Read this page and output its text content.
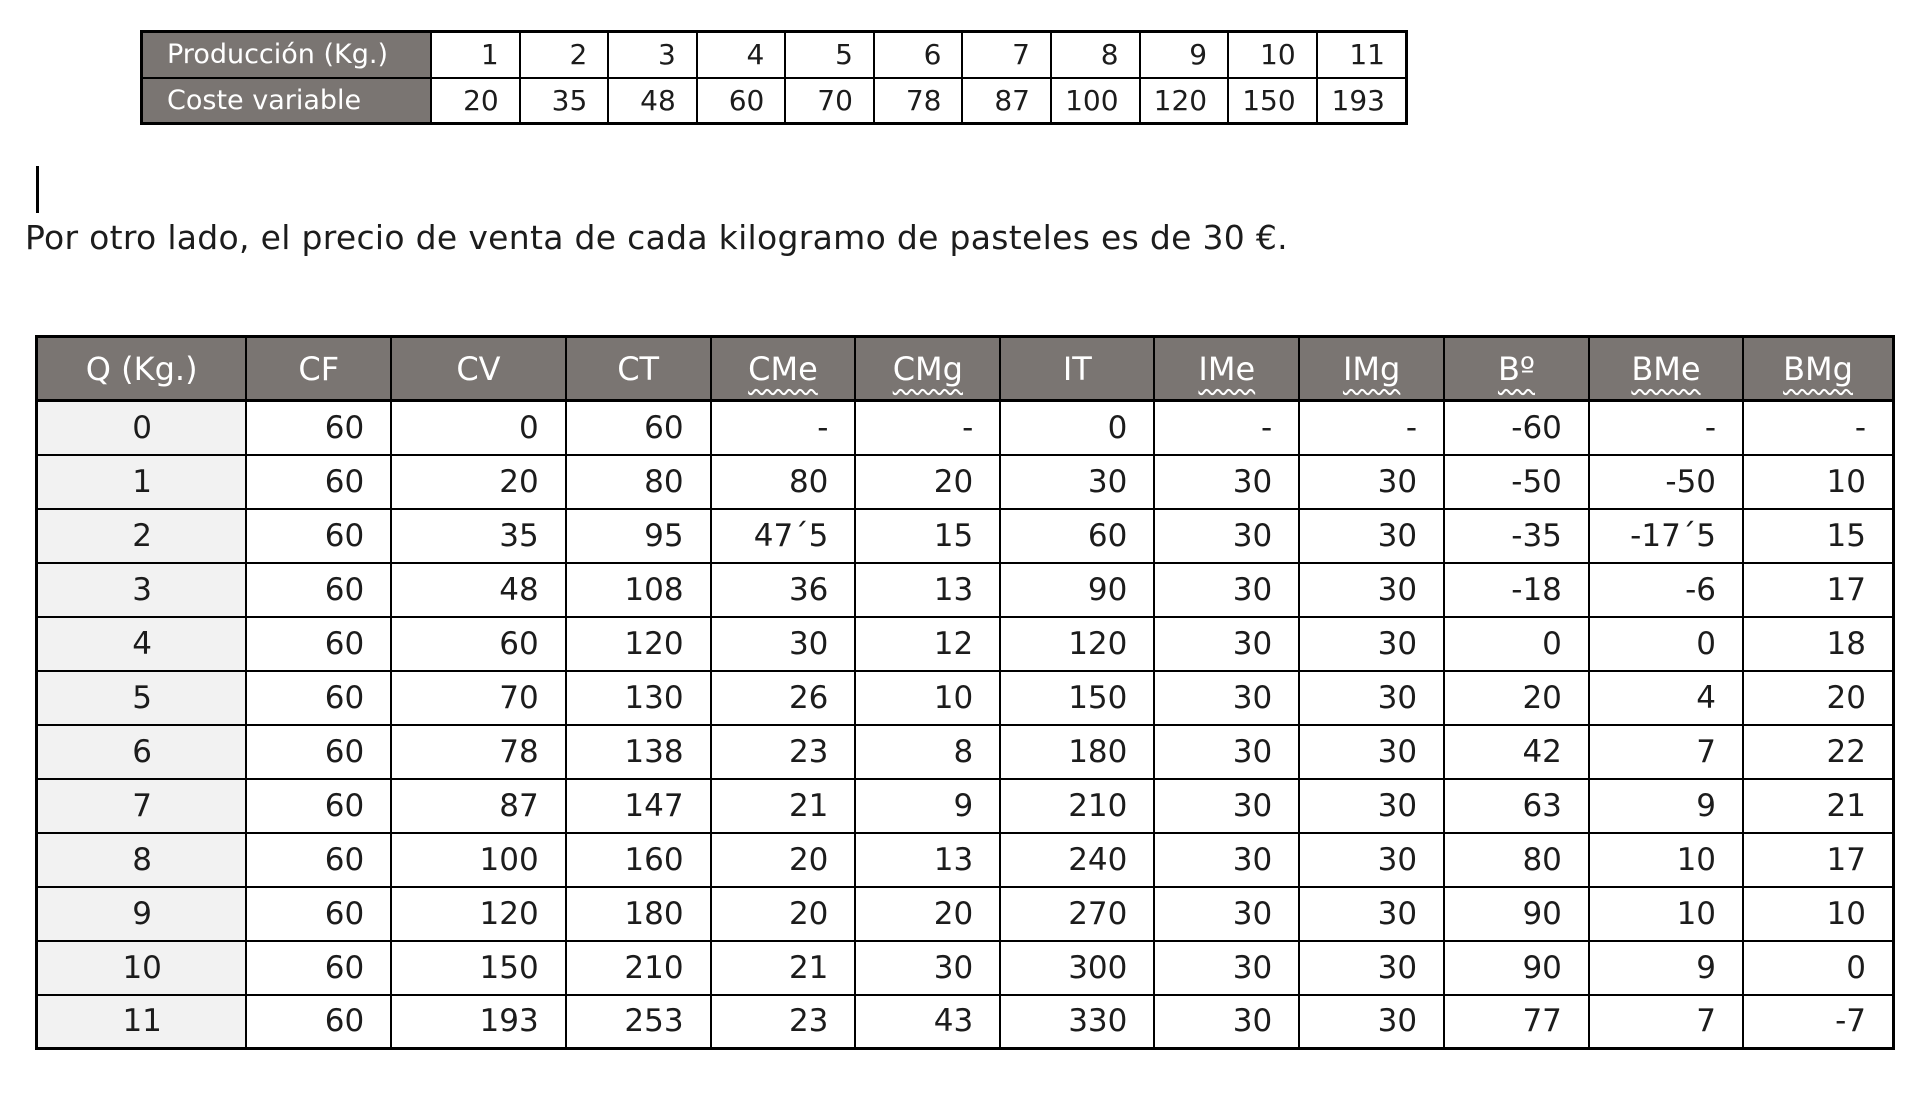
Producción (Kg.)	1	2	3	4	5	6	7	8	9	10	11
Coste variable	20	35	48	60	70	78	87	100	120	150	193
Por otro lado, el precio de venta de cada kilogramo de pasteles es de 30 €.
Q (Kg.)	CF	CV	CT	CMe	CMg	IT	IMe	IMg	Bº	BMe	BMg
0	60	0	60	-	-	0	-	-	-60	-	-
1	60	20	80	80	20	30	30	30	-50	-50	10
2	60	35	95	47´5	15	60	30	30	-35	-17´5	15
3	60	48	108	36	13	90	30	30	-18	-6	17
4	60	60	120	30	12	120	30	30	0	0	18
5	60	70	130	26	10	150	30	30	20	4	20
6	60	78	138	23	8	180	30	30	42	7	22
7	60	87	147	21	9	210	30	30	63	9	21
8	60	100	160	20	13	240	30	30	80	10	17
9	60	120	180	20	20	270	30	30	90	10	10
10	60	150	210	21	30	300	30	30	90	9	0
11	60	193	253	23	43	330	30	30	77	7	-7
